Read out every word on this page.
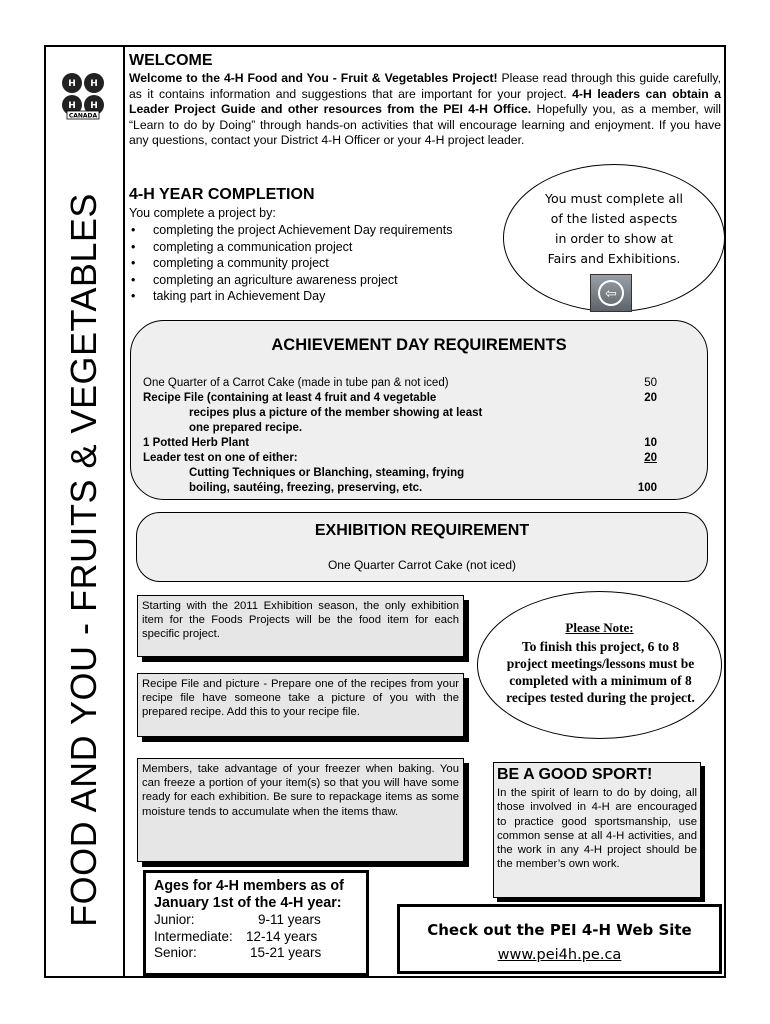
H H
H H
CANADA
FOOD AND YOU - FRUITS & VEGETABLES
WELCOME

Welcome to the 4-H Food and You - Fruit & Vegetables Project! Please read through this guide carefully, as it contains information and suggestions that are important for your project. 4-H leaders can obtain a Leader Project Guide and other resources from the PEI 4-H Office. Hopefully you, as a member, will “Learn to do by Doing” through hands-on activities that will encourage learning and enjoyment. If you have any questions, contact your District 4-H Officer or your 4-H project leader.

4-H YEAR COMPLETION
You complete a project by:
• completing the project Achievement Day requirements
• completing a communication project
• completing a community project
• completing an agriculture awareness project
• taking part in Achievement Day
You must complete all
of the listed aspects
in order to show at
Fairs and Exhibitions.
⇦
ACHIEVEMENT DAY REQUIREMENTS
One Quarter of a Carrot Cake (made in tube pan & not iced)	50
Recipe File (containing at least 4 fruit and 4 vegetable	20
recipes plus a picture of the member showing at least
one prepared recipe.
1 Potted Herb Plant	10
Leader test on one of either:	20
Cutting Techniques or Blanching, steaming, frying
boiling, sautéing, freezing, preserving, etc.	100
EXHIBITION REQUIREMENT
One Quarter Carrot Cake (not iced)
Starting with the 2011 Exhibition season, the only exhibition item for the Foods Projects will be the food item for each specific project.
Recipe File and picture - Prepare one of the recipes from your recipe file have someone take a picture of you with the prepared recipe. Add this to your recipe file.
Members, take advantage of your freezer when baking. You can freeze a portion of your item(s) so that you will have some ready for each exhibition. Be sure to repackage items as some moisture tends to accumulate when the items thaw.
Please Note:
To finish this project, 6 to 8 project meetings/lessons must be completed with a minimum of 8 recipes tested during the project.
BE A GOOD SPORT!
In the spirit of learn to do by doing, all those involved in 4-H are encouraged to practice good sportsmanship, use common sense at all 4-H activities, and the work in any 4-H project should be the member’s own work.
Ages for 4-H members as of January 1st of the 4-H year:
Junior:	9-11 years
Intermediate: 12-14 years
Senior:	15-21 years
Check out the PEI 4-H Web Site
www.pei4h.pe.ca
